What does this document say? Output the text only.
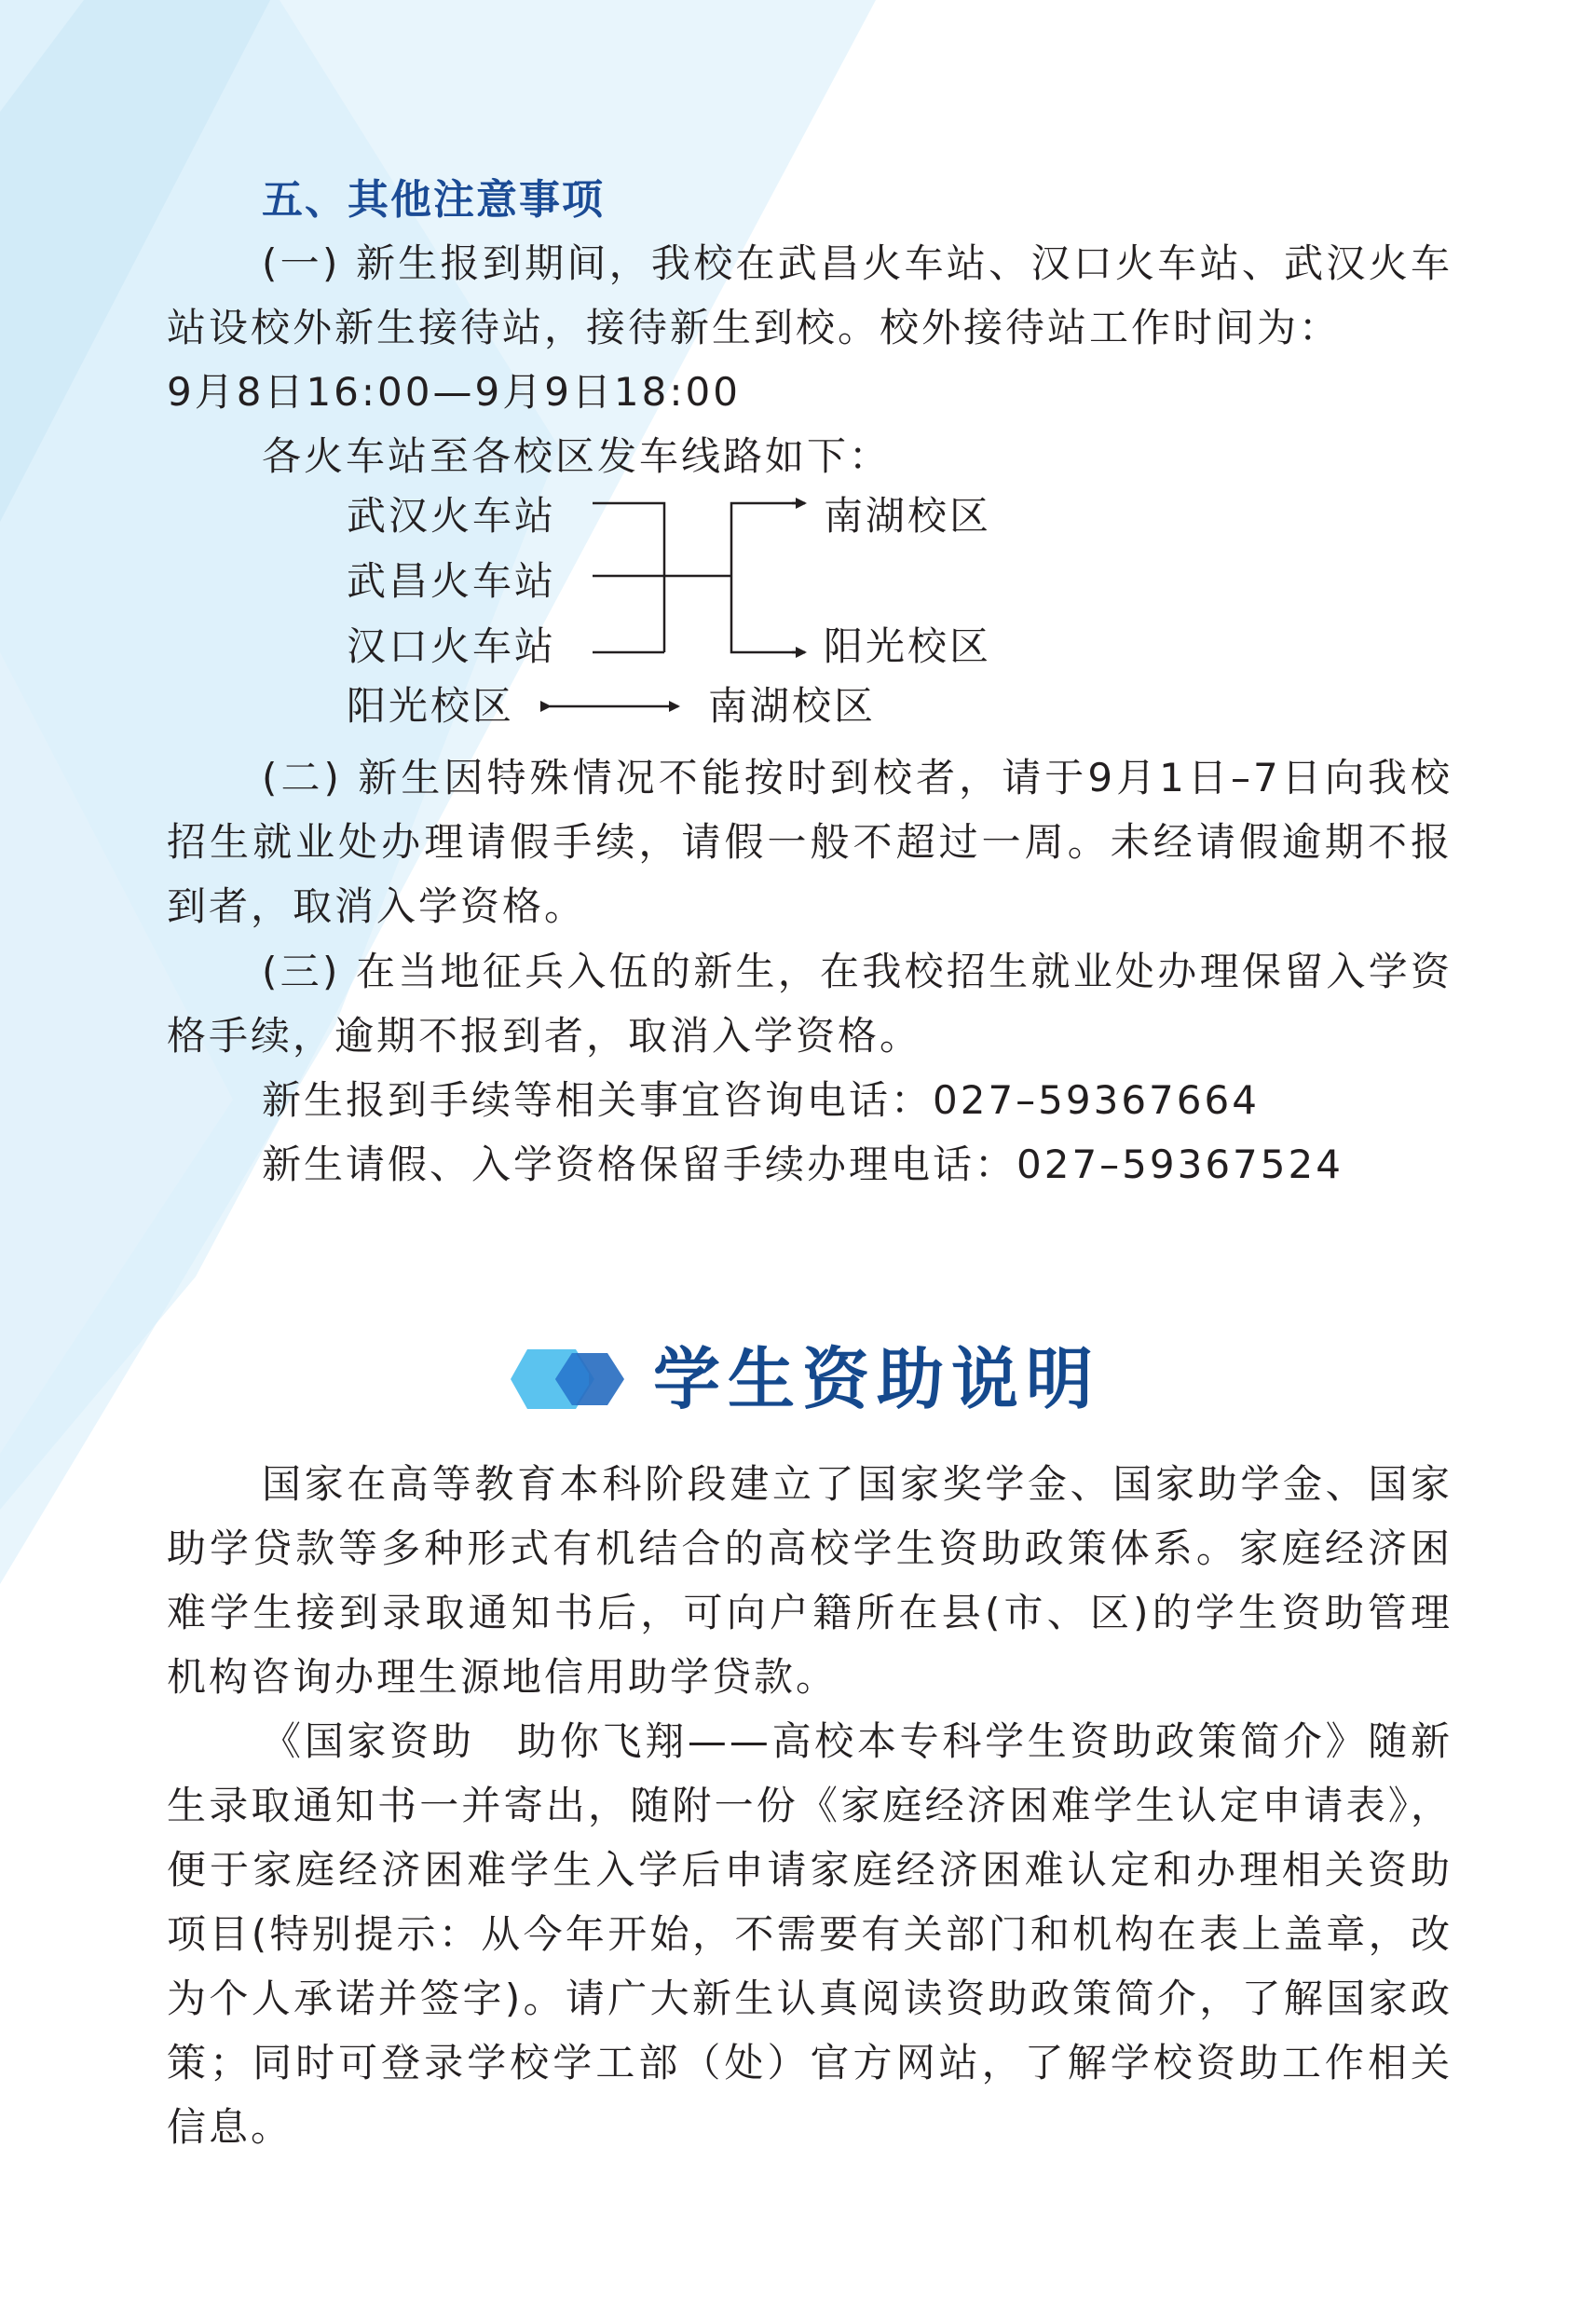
五、其他注意事项

(一) 新生报到期间，我校在武昌火车站、汉口火车站、武汉火车站设校外新生接待站，接待新生到校。校外接待站工作时间为：

9月8日16:00—9月9日18:00
各火车站至各校区发车线路如下：
武汉火车站
武昌火车站
汉口火车站
南湖校区
阳光校区
阳光校区	南湖校区

(二) 新生因特殊情况不能按时到校者，请于9月1日–7日向我校招生就业处办理请假手续，请假一般不超过一周。未经请假逾期不报到者，取消入学资格。

(三) 在当地征兵入伍的新生，在我校招生就业处办理保留入学资格手续，逾期不报到者，取消入学资格。

新生报到手续等相关事宜咨询电话：027–59367664
新生请假、入学资格保留手续办理电话：027–59367524
学生资助说明

国家在高等教育本科阶段建立了国家奖学金、国家助学金、国家助学贷款等多种形式有机结合的高校学生资助政策体系。家庭经济困难学生接到录取通知书后，可向户籍所在县(市、区)的学生资助管理机构咨询办理生源地信用助学贷款。

《国家资助　助你飞翔——高校本专科学生资助政策简介》随新生录取通知书一并寄出，随附一份《家庭经济困难学生认定申请表》，便于家庭经济困难学生入学后申请家庭经济困难认定和办理相关资助项目(特别提示：从今年开始，不需要有关部门和机构在表上盖章，改为个人承诺并签字)。请广大新生认真阅读资助政策简介，了解国家政策；同时可登录学校学工部（处）官方网站，了解学校资助工作相关信息。
